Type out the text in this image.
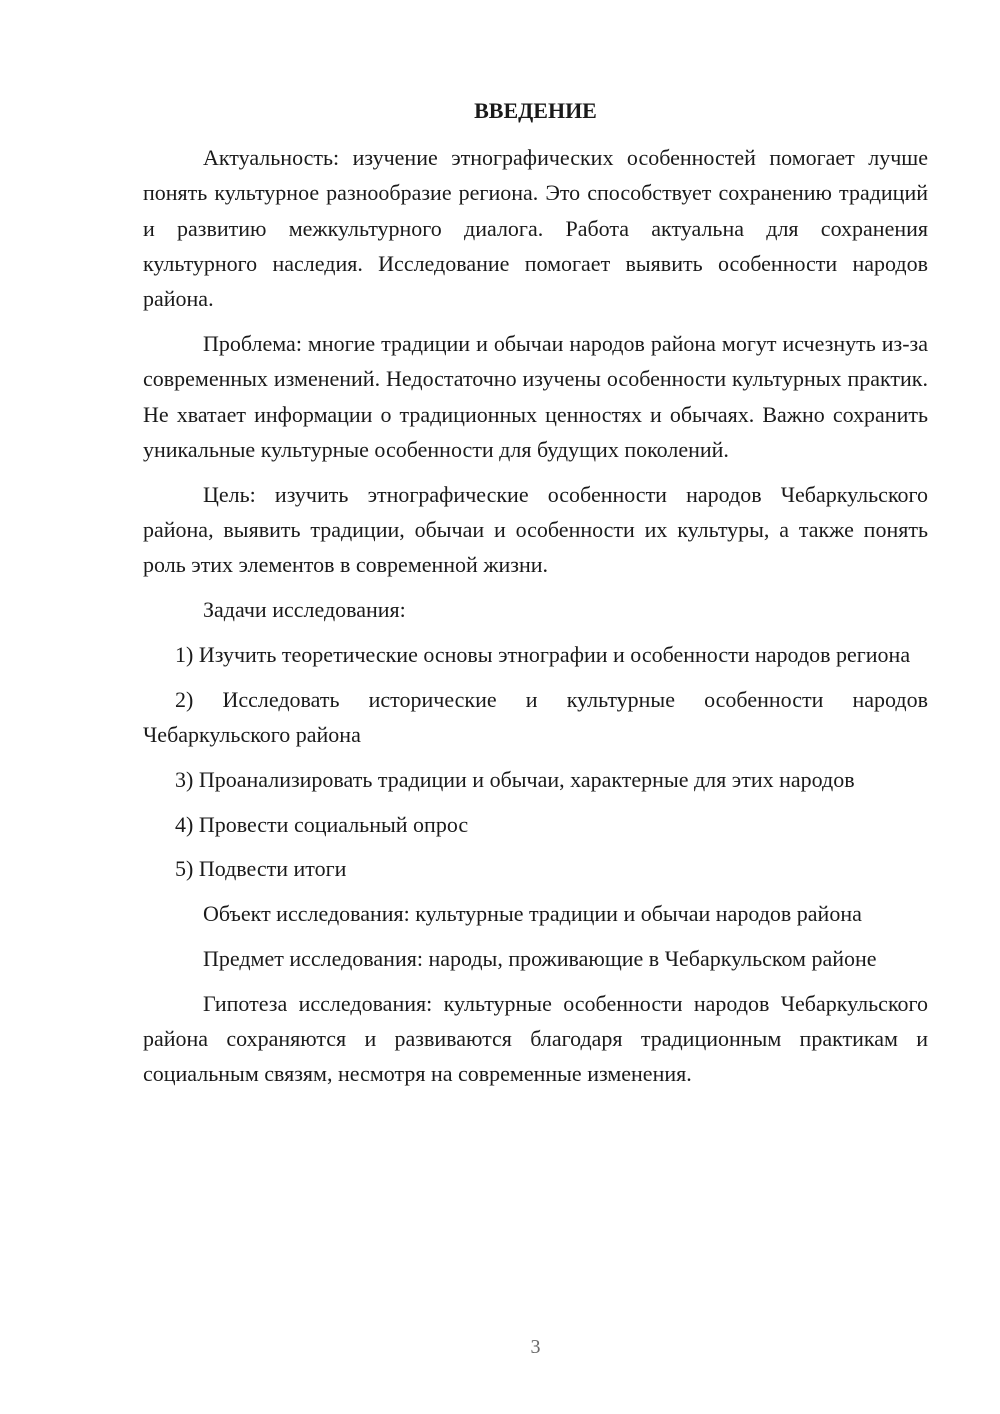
ВВЕДЕНИЕ

Актуальность: изучение этнографических особенностей помогает лучше понять культурное разнообразие региона. Это способствует сохранению традиций и развитию межкультурного диалога. Работа актуальна для сохранения культурного наследия. Исследование помогает выявить особенности народов района.

Проблема: многие традиции и обычаи народов района могут исчезнуть из-за современных изменений. Недостаточно изучены особенности культурных практик. Не хватает информации о традиционных ценностях и обычаях. Важно сохранить уникальные культурные особенности для будущих поколений.

Цель: изучить этнографические особенности народов Чебаркульского района, выявить традиции, обычаи и особенности их культуры, а также понять роль этих элементов в современной жизни.

Задачи исследования:

1) Изучить теоретические основы этнографии и особенности народов региона

2) Исследовать исторические и культурные особенности народов Чебаркульского района

3) Проанализировать традиции и обычаи, характерные для этих народов

4) Провести социальный опрос

5) Подвести итоги

Объект исследования: культурные традиции и обычаи народов района

Предмет исследования: народы, проживающие в Чебаркульском районе

Гипотеза исследования: культурные особенности народов Чебаркульского района сохраняются и развиваются благодаря традиционным практикам и социальным связям, несмотря на современные изменения.

3
